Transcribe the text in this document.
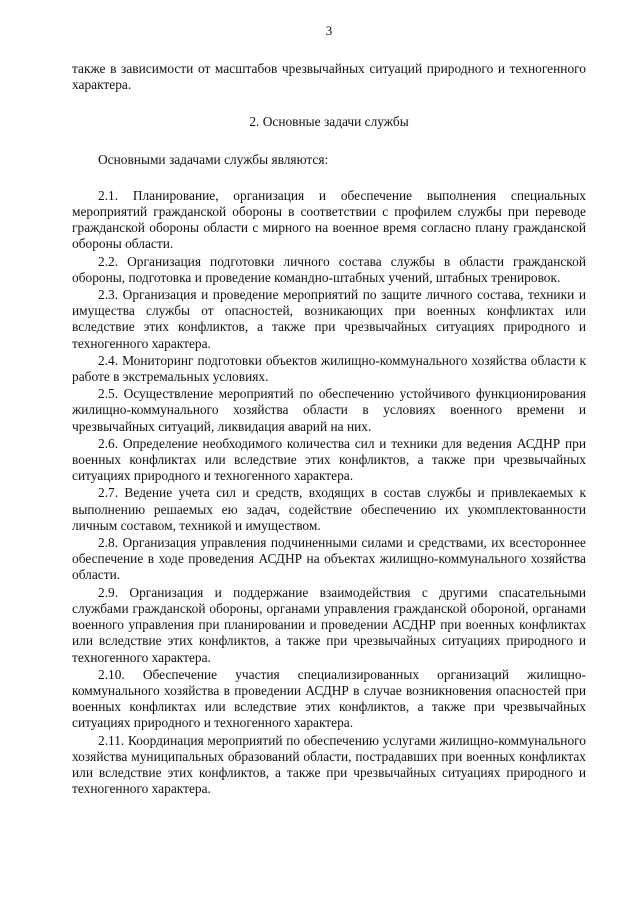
3

также в зависимости от масштабов чрезвычайных ситуаций природного и техногенного характера.

2. Основные задачи службы

Основными задачами службы являются:

2.1. Планирование, организация и обеспечение выполнения специальных мероприятий гражданской обороны в соответствии с профилем службы при переводе гражданской обороны области с мирного на военное время согласно плану гражданской обороны области.

2.2. Организация подготовки личного состава службы в области гражданской обороны, подготовка и проведение командно-штабных учений, штабных тренировок.

2.3. Организация и проведение мероприятий по защите личного состава, техники и имущества службы от опасностей, возникающих при военных конфликтах или вследствие этих конфликтов, а также при чрезвычайных ситуациях природного и техногенного характера.

2.4. Мониторинг подготовки объектов жилищно-коммунального хозяйства области к работе в экстремальных условиях.

2.5. Осуществление мероприятий по обеспечению устойчивого функционирования жилищно-коммунального хозяйства области в условиях военного времени и чрезвычайных ситуаций, ликвидация аварий на них.

2.6. Определение необходимого количества сил и техники для ведения АСДНР при военных конфликтах или вследствие этих конфликтов, а также при чрезвычайных ситуациях природного и техногенного характера.

2.7. Ведение учета сил и средств, входящих в состав службы и привлекаемых к выполнению решаемых ею задач, содействие обеспечению их укомплектованности личным составом, техникой и имуществом.

2.8. Организация управления подчиненными силами и средствами, их всестороннее обеспечение в ходе проведения АСДНР на объектах жилищно-коммунального хозяйства области.

2.9. Организация и поддержание взаимодействия с другими спасательными службами гражданской обороны, органами управления гражданской обороной, органами военного управления при планировании и проведении АСДНР при военных конфликтах или вследствие этих конфликтов, а также при чрезвычайных ситуациях природного и техногенного характера.

2.10. Обеспечение участия специализированных организаций жилищно-коммунального хозяйства в проведении АСДНР в случае возникновения опасностей при военных конфликтах или вследствие этих конфликтов, а также при чрезвычайных ситуациях природного и техногенного характера.

2.11. Координация мероприятий по обеспечению услугами жилищно-коммунального хозяйства муниципальных образований области, пострадавших при военных конфликтах или вследствие этих конфликтов, а также при чрезвычайных ситуациях природного и техногенного характера.
